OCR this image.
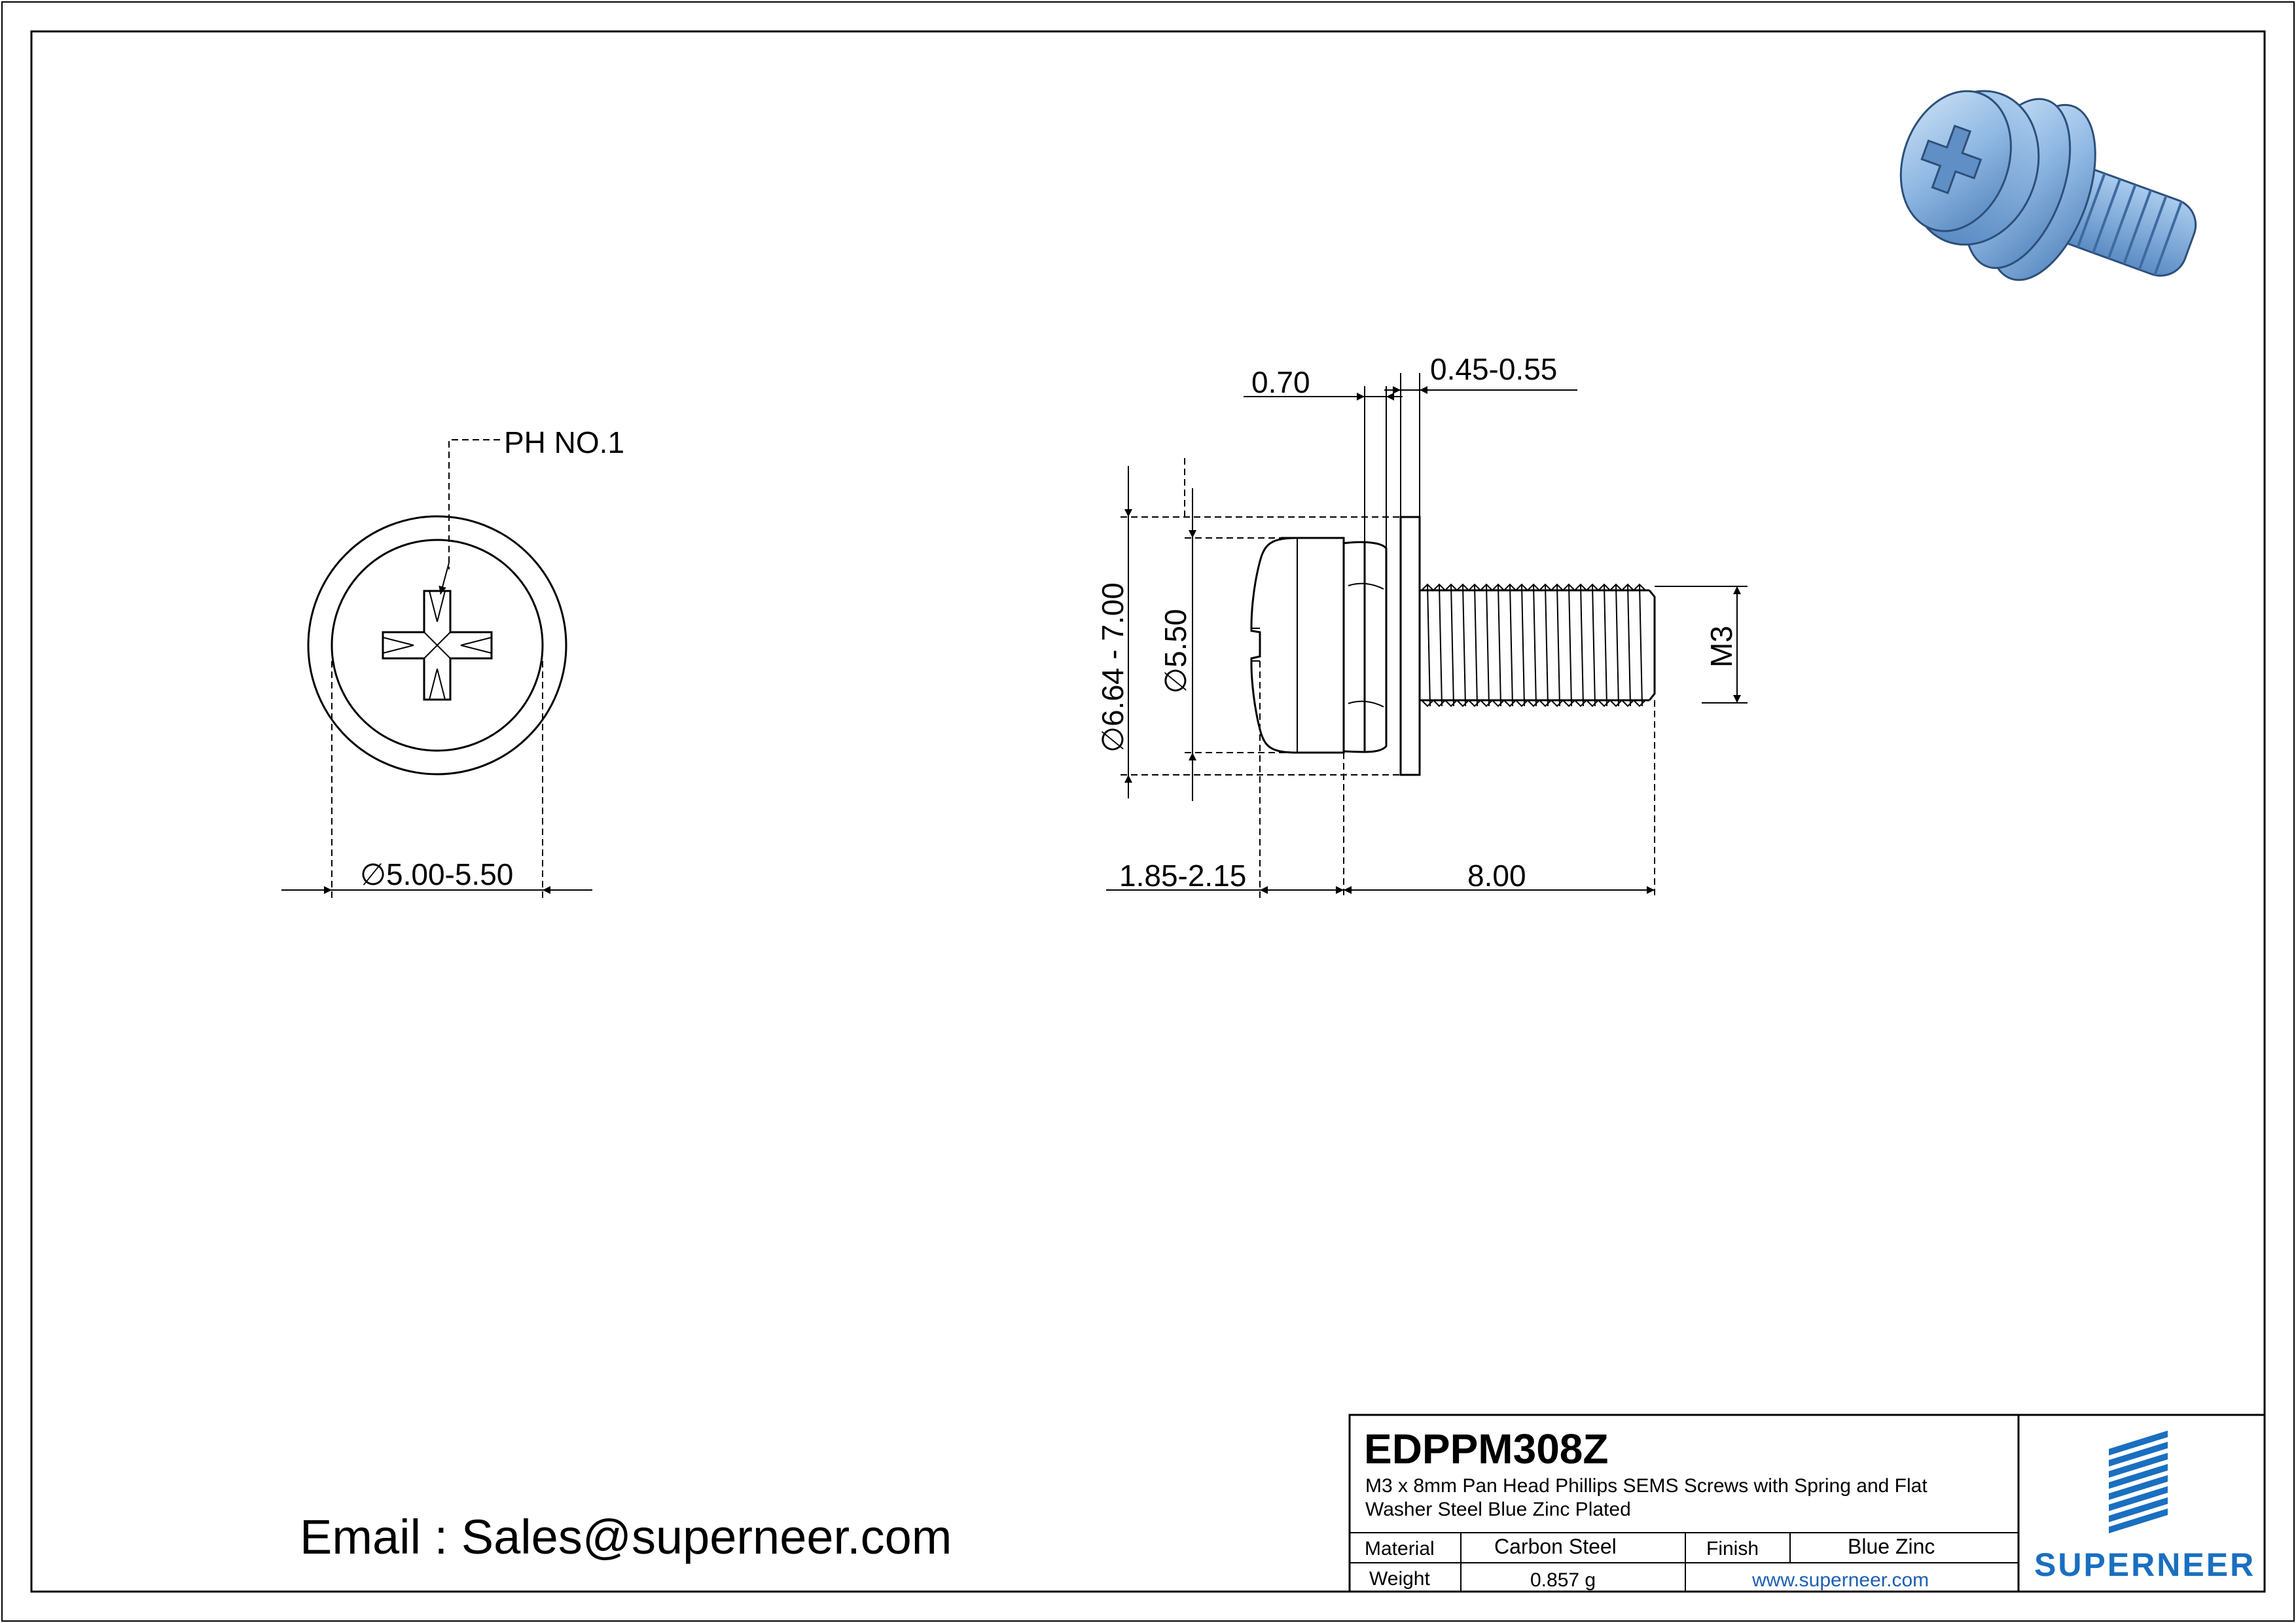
PH NO.1
∅ 5.00-5.50
0.70	0.45-0.55
∅6.64 - 7.00 ∅5.50	M3
1.85-2.15	8.00
Email : Sales@superneer.com
EDPPM308Z
M3 x 8mm Pan Head Phillips SEMS Screws with Spring and Flat
Washer Steel Blue Zinc Plated
Material	Carbon Steel	Finish	Blue Zinc
Weight	0.857 g	www.superneer.com	SUPERNEER
